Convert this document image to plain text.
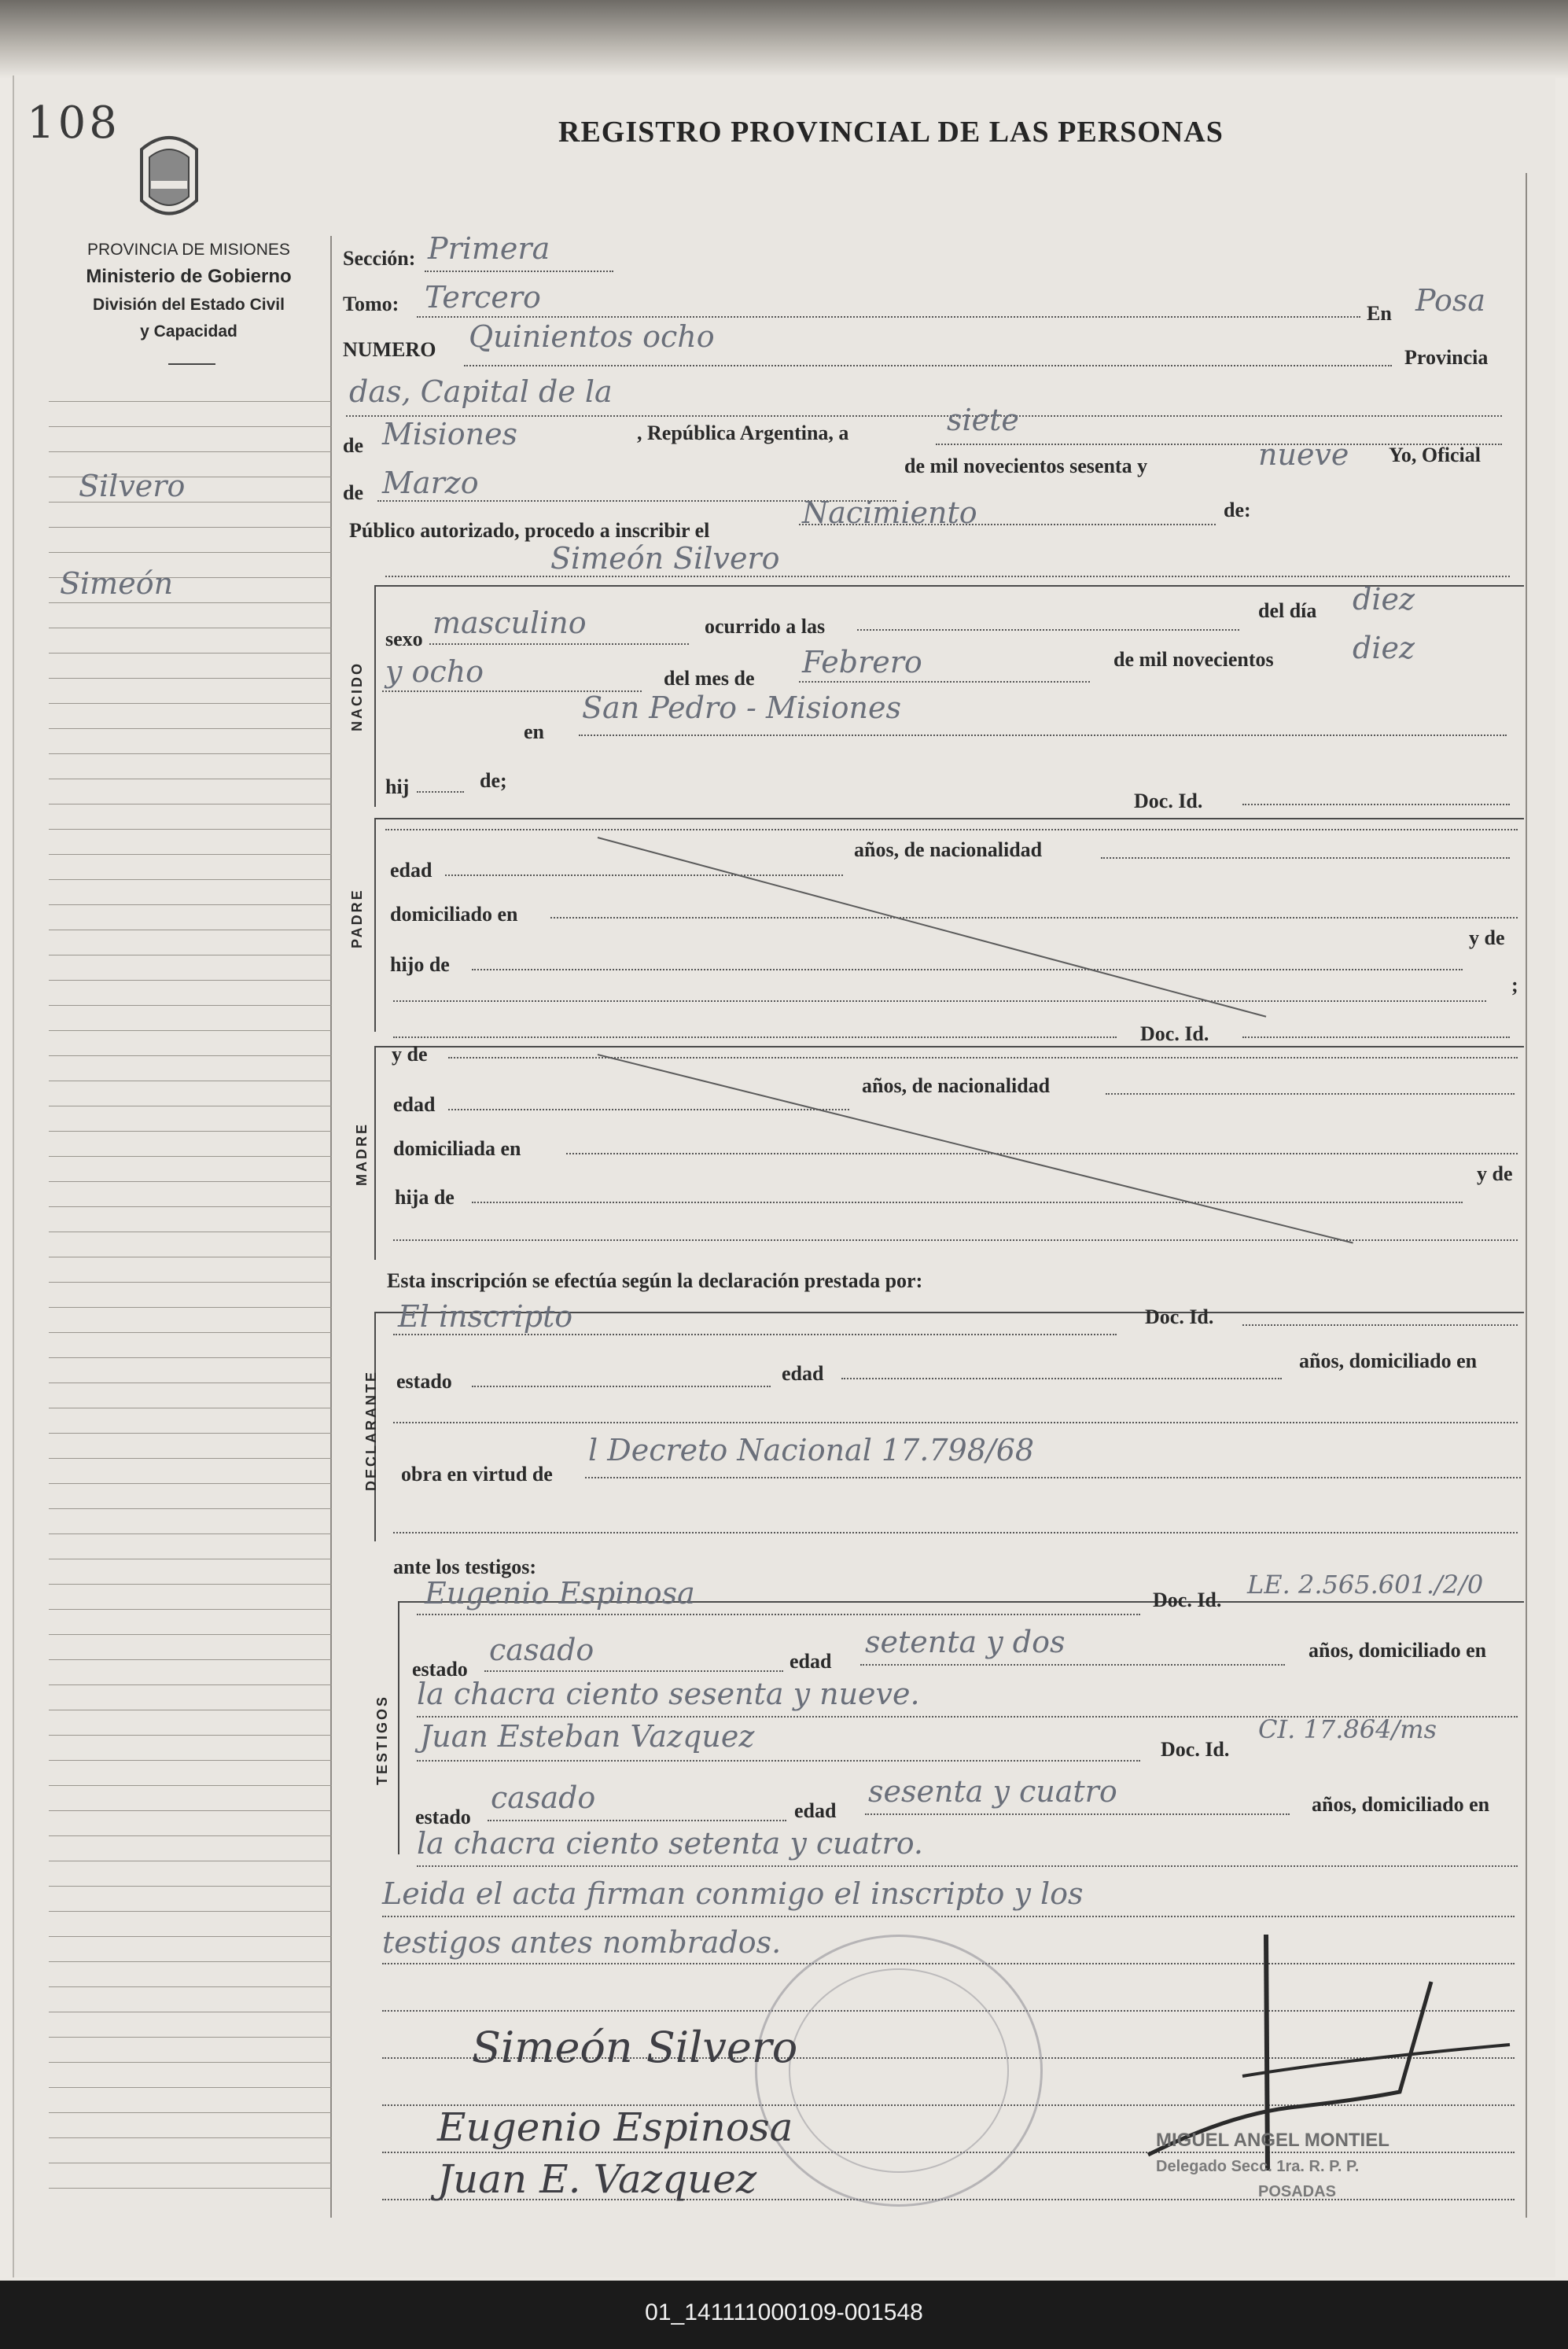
108
PROVINCIA DE MISIONES
Ministerio de Gobierno
División del Estado Civil
y Capacidad
REGISTRO PROVINCIAL DE LAS PERSONAS
Silvero
Simeón
Sección: Primera
Tomo: Tercero	En Posa
NUMERO Quinientos ocho
Provincia
das, Capital de la
de Misiones	, República Argentina, a	siete
de Marzo	de mil novecientos sesenta y	nueve Yo, Oficial
Público autorizado, procedo a inscribir el
Nacimiento	de:
Simeón Silvero
NACIDO
sexo masculino	ocurrido a las
del día diez
y ocho	del mes de Febrero	de mil novecientos	diez
en
San Pedro - Misiones
hij	de;
Doc. Id.
PADRE
edad
años, de nacionalidad
domiciliado en
hijo de
y de
;
Doc. Id.
MADRE
y de
edad
años, de nacionalidad
domiciliada en
hija de
y de
Esta inscripción se efectúa según la declaración prestada por:
DECLARANTE
El inscripto	Doc. Id.
estado	edad
años, domiciliado en
obra en virtud de
l Decreto Nacional 17.798/68
ante los testigos:
TESTIGOS
Eugenio Espinosa	Doc. Id.
LE. 2.565.601./2/0
estado
casado	edad
setenta y dos	años, domiciliado en
la chacra ciento sesenta y nueve.
Juan Esteban Vazquez	Doc. Id.
CI. 17.864/ms
estado
casado	edad
sesenta y cuatro	años, domiciliado en
la chacra ciento setenta y cuatro.
Leida el acta firman conmigo el inscripto y los
testigos antes nombrados.
Simeón Silvero
Eugenio Espinosa
Juan E. Vazquez
MIGUEL ANGEL MONTIEL
Delegado Secc. 1ra. R. P. P.
POSADAS
01_141111000109-001548
